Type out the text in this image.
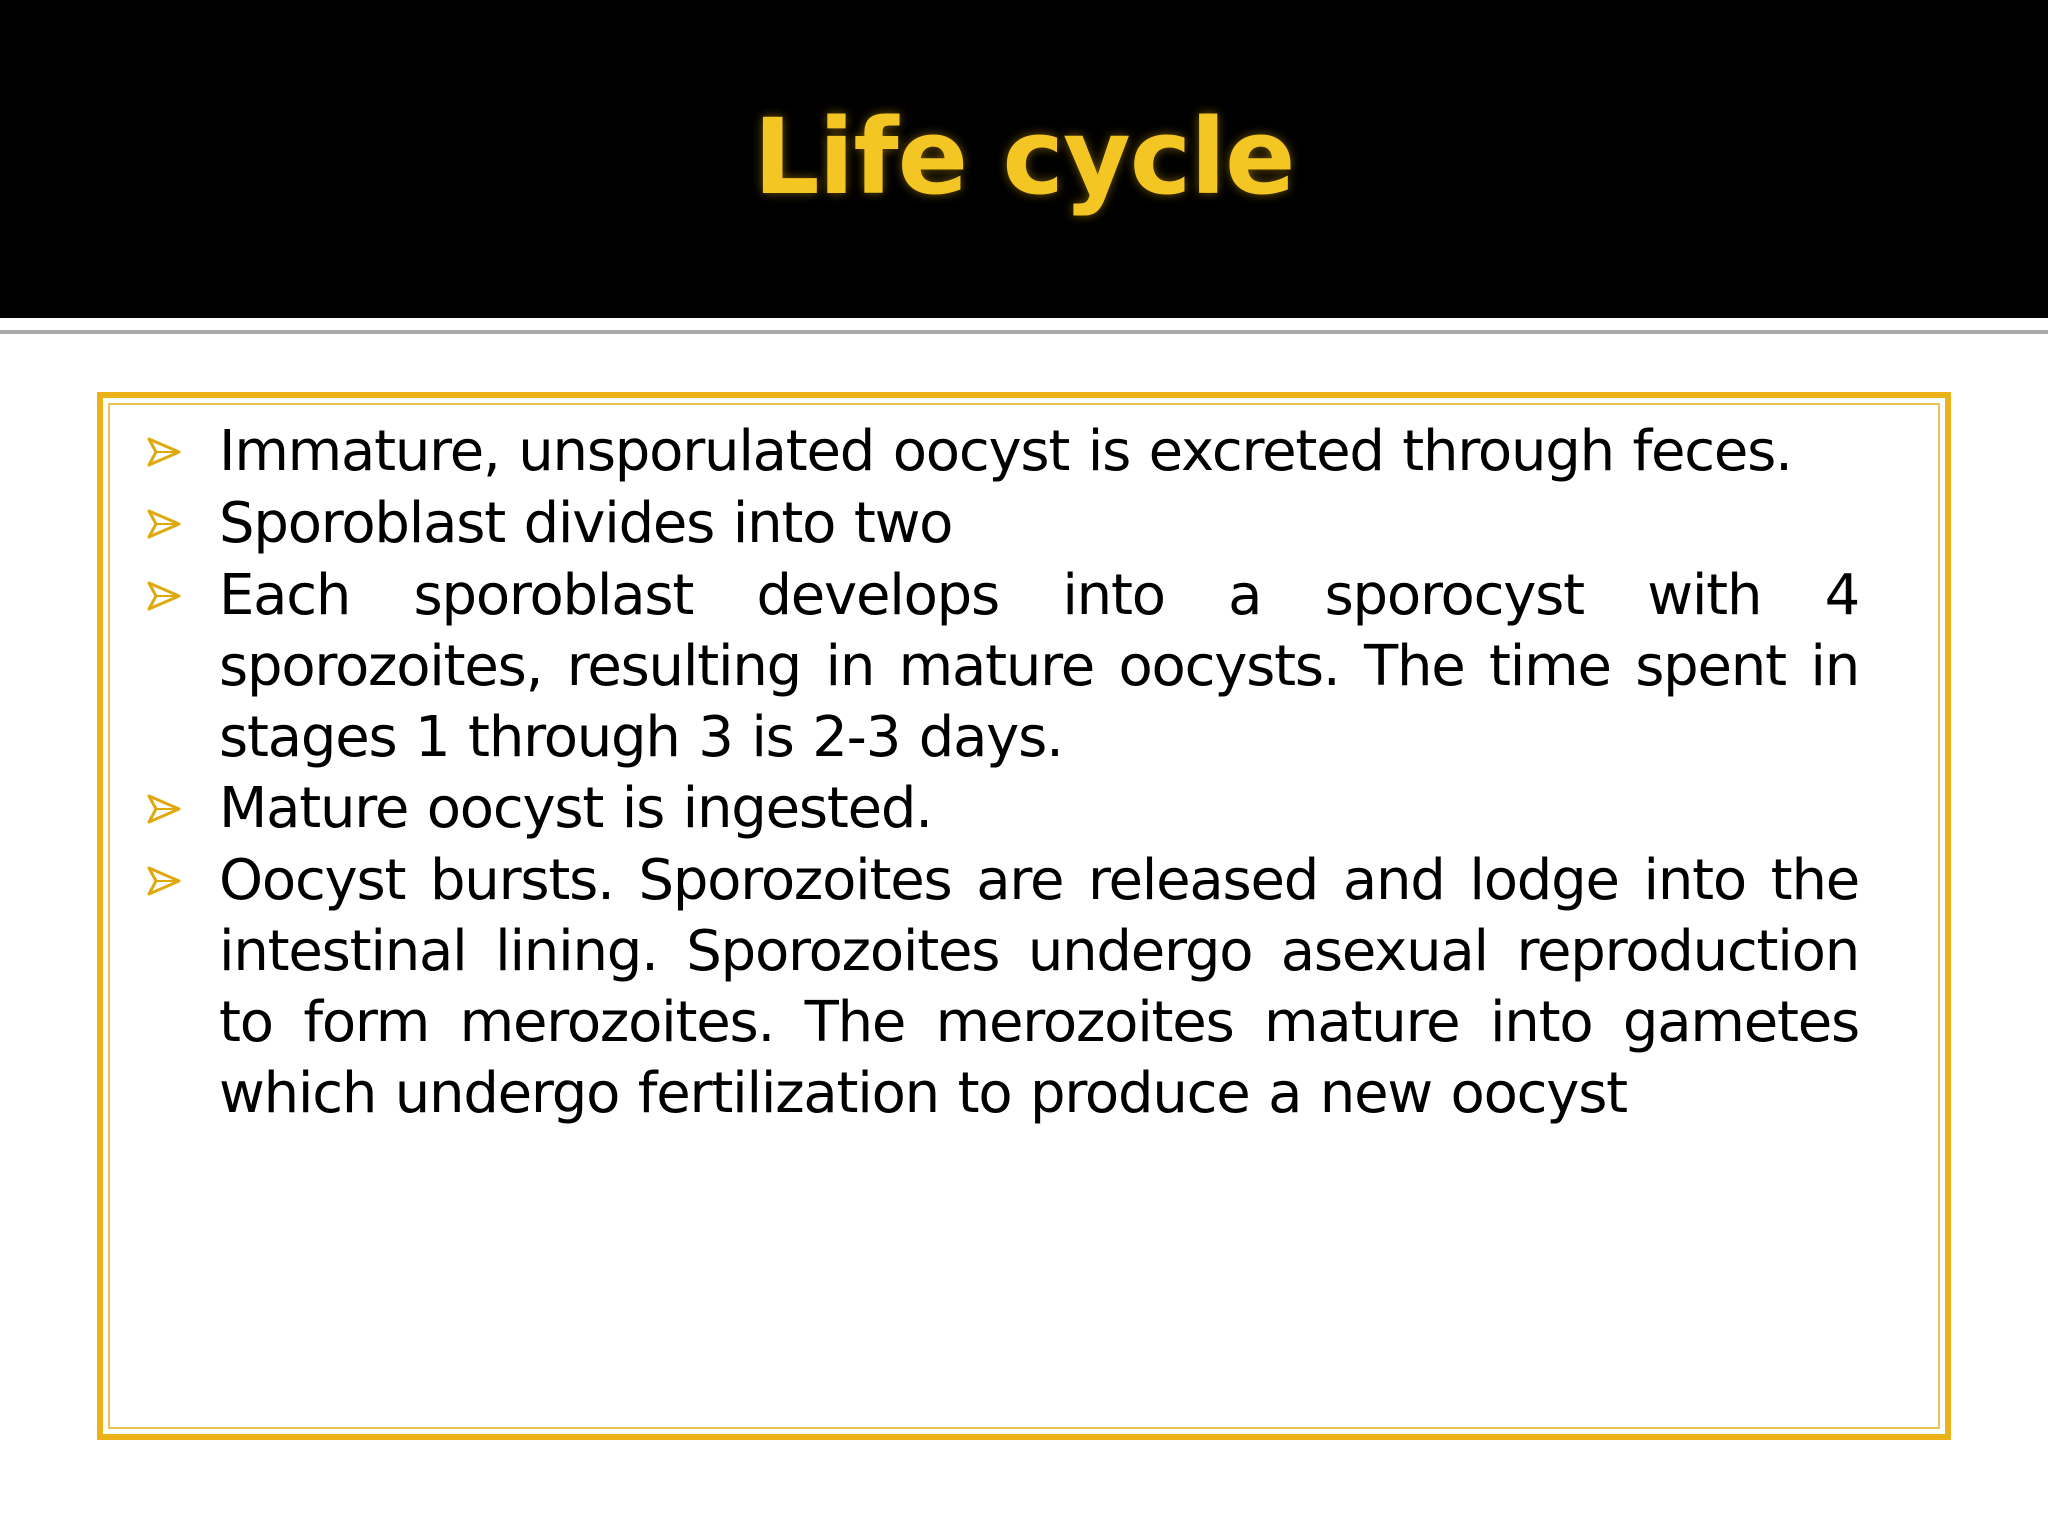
Life cycle
Immature, unsporulated oocyst is excreted through feces.
Sporoblast divides into two
Each sporoblast develops into a sporocyst with 4 sporozoites, resulting in mature oocysts. The time spent in stages 1 through 3 is 2-3 days.
Mature oocyst is ingested.
Oocyst bursts. Sporozoites are released and lodge into the intestinal lining. Sporozoites undergo asexual reproduction to form merozoites. The merozoites mature into gametes which undergo fertilization to produce a new oocyst
